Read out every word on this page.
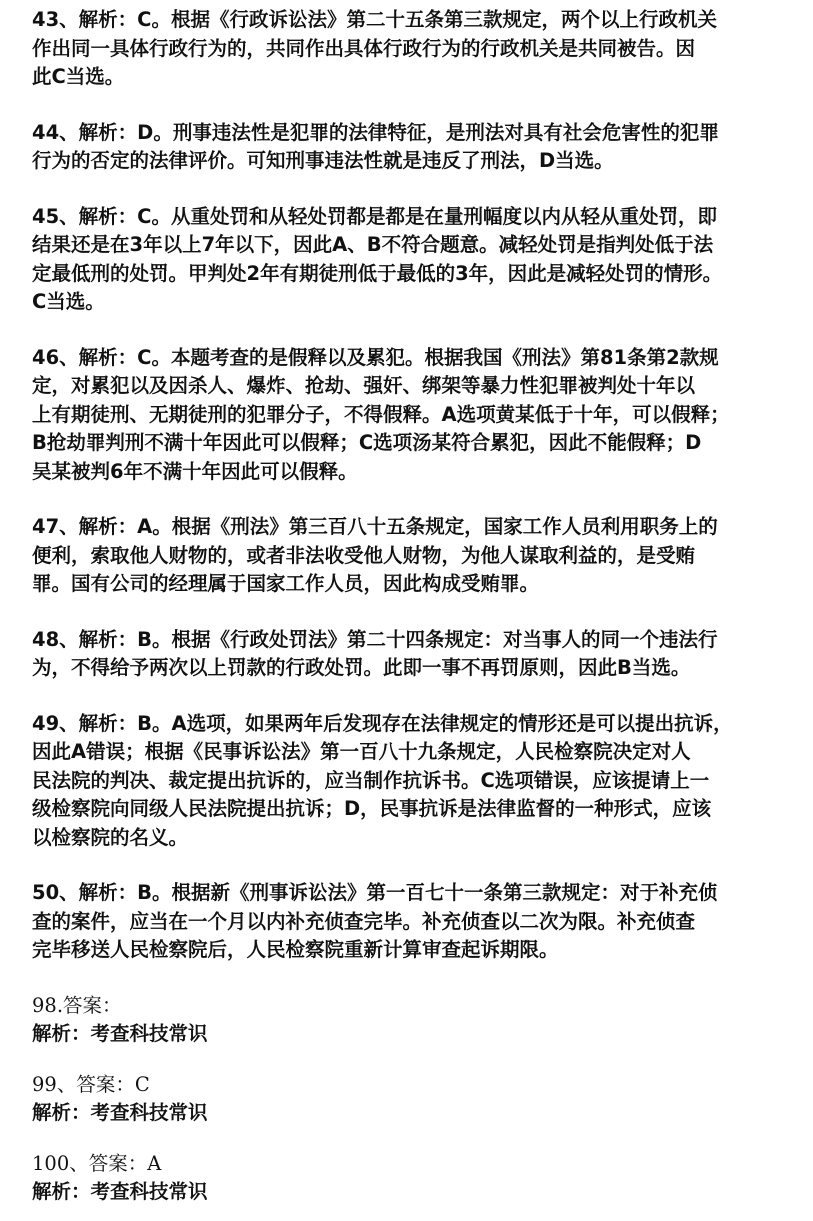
43、解析：C。根据《行政诉讼法》第二十五条第三款规定，两个以上行政机关
作出同一具体行政行为的，共同作出具体行政行为的行政机关是共同被告。因
此C当选。
44、解析：D。刑事违法性是犯罪的法律特征，是刑法对具有社会危害性的犯罪
行为的否定的法律评价。可知刑事违法性就是违反了刑法，D当选。
45、解析：C。从重处罚和从轻处罚都是都是在量刑幅度以内从轻从重处罚，即
结果还是在3年以上7年以下，因此A、B不符合题意。减轻处罚是指判处低于法
定最低刑的处罚。甲判处2年有期徒刑低于最低的3年，因此是减轻处罚的情形。
C当选。
46、解析：C。本题考查的是假释以及累犯。根据我国《刑法》第81条第2款规
定，对累犯以及因杀人、爆炸、抢劫、强奸、绑架等暴力性犯罪被判处十年以
上有期徒刑、无期徒刑的犯罪分子，不得假释。A选项黄某低于十年，可以假释；
B抢劫罪判刑不满十年因此可以假释；C选项汤某符合累犯，因此不能假释；D
吴某被判6年不满十年因此可以假释。
47、解析：A。根据《刑法》第三百八十五条规定，国家工作人员利用职务上的
便利，索取他人财物的，或者非法收受他人财物，为他人谋取利益的，是受贿
罪。国有公司的经理属于国家工作人员，因此构成受贿罪。
48、解析：B。根据《行政处罚法》第二十四条规定：对当事人的同一个违法行
为，不得给予两次以上罚款的行政处罚。此即一事不再罚原则，因此B当选。
49、解析：B。A选项，如果两年后发现存在法律规定的情形还是可以提出抗诉，
因此A错误；根据《民事诉讼法》第一百八十九条规定，人民检察院决定对人
民法院的判决、裁定提出抗诉的，应当制作抗诉书。C选项错误，应该提请上一
级检察院向同级人民法院提出抗诉；D，民事抗诉是法律监督的一种形式，应该
以检察院的名义。
50、解析：B。根据新《刑事诉讼法》第一百七十一条第三款规定：对于补充侦
查的案件，应当在一个月以内补充侦查完毕。补充侦查以二次为限。补充侦查
完毕移送人民检察院后，人民检察院重新计算审查起诉期限。
98.答案：
解析：考查科技常识
99、答案：C
解析：考查科技常识
100、答案：A
解析：考查科技常识
